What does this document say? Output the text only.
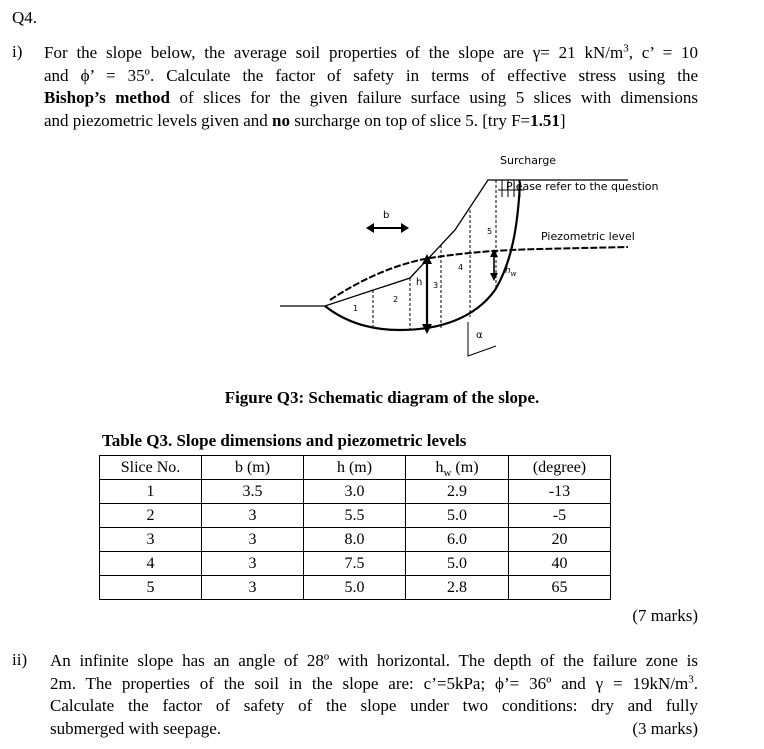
Q4.
i) For the slope below, the average soil properties of the slope are γ= 21 $kN/m^3$, c’ = 10
and ϕ’ = 35º. Calculate the factor of safety in terms of effective stress using the
Bishop’s method of slices for the given failure surface using 5 slices with dimensions
and piezometric levels given and no surcharge on top of slice 5. [try F=1.51]
Surcharge
Please refer to the question
Piezometric level
b
h
$h_w$
α
1
2
3
4
5
Figure Q3: Schematic diagram of the slope.
Table Q3. Slope dimensions and piezometric levels
Slice No.	b (m)	h (m)	$h_w$ (m)	(degree)
1	3.5	3.0	2.9	-13
2	3	5.5	5.0	-5
3	3	8.0	6.0	20
4	3	7.5	5.0	40
5	3	5.0	2.8	65
(7 marks)
ii) An infinite slope has an angle of 28º with horizontal. The depth of the failure zone is
2m. The properties of the soil in the slope are: c’=5kPa; ϕ’= 36º and $\gamma = 19kN/m^3$.
Calculate the factor of safety of the slope under two conditions: dry and fully
submerged with seepage.	(3 marks)
